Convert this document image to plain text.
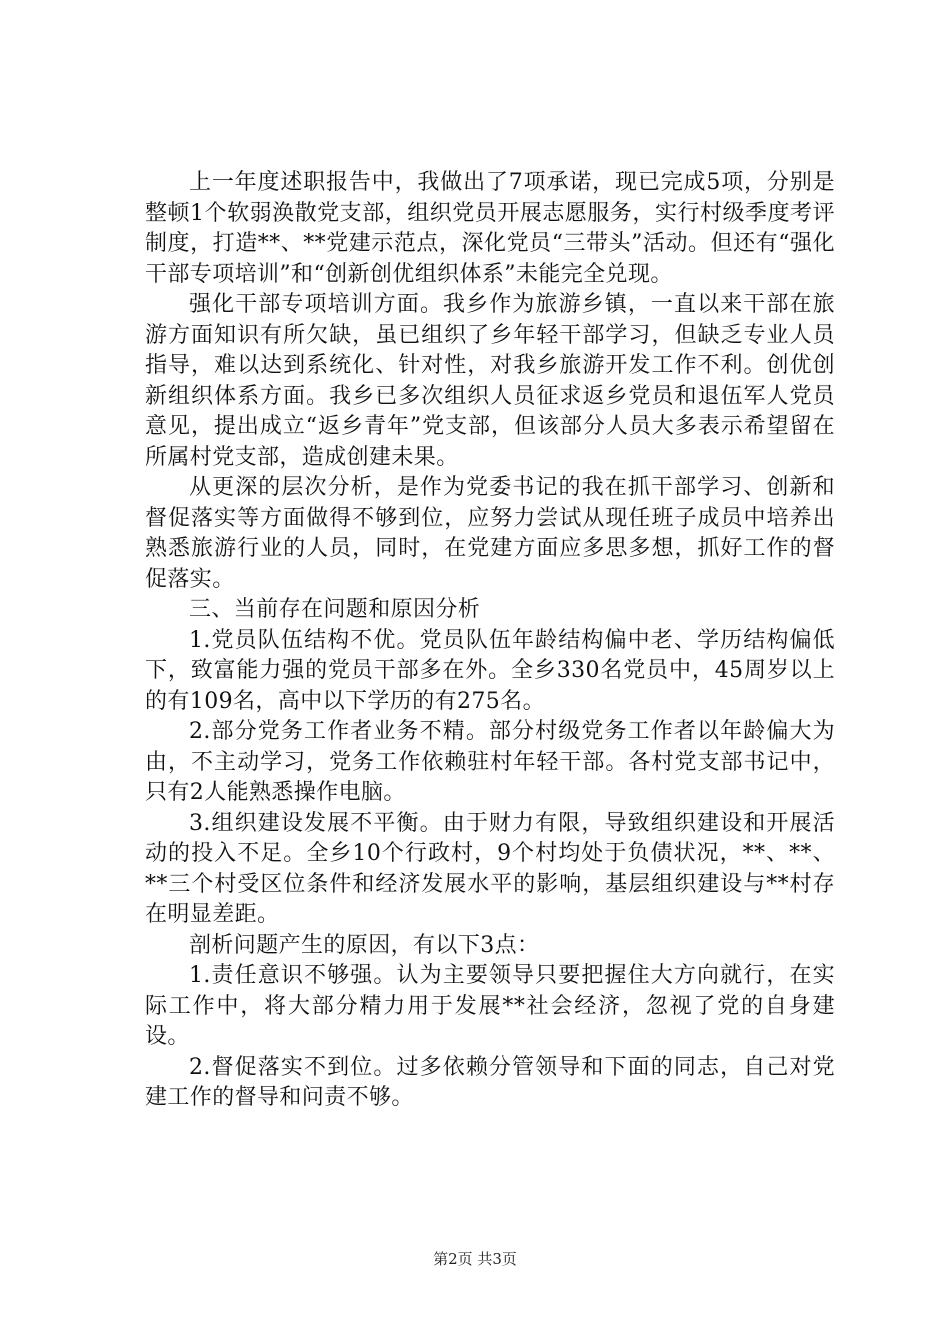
上一年度述职报告中，我做出了7项承诺，现已完成5项，分别是整顿1个软弱涣散党支部，组织党员开展志愿服务，实行村级季度考评制度，打造**、**党建示范点，深化党员“三带头”活动。但还有“强化干部专项培训”和“创新创优组织体系”未能完全兑现。

强化干部专项培训方面。我乡作为旅游乡镇，一直以来干部在旅游方面知识有所欠缺，虽已组织了乡年轻干部学习，但缺乏专业人员指导，难以达到系统化、针对性，对我乡旅游开发工作不利。创优创新组织体系方面。我乡已多次组织人员征求返乡党员和退伍军人党员意见，提出成立“返乡青年”党支部，但该部分人员大多表示希望留在所属村党支部，造成创建未果。

从更深的层次分析，是作为党委书记的我在抓干部学习、创新和督促落实等方面做得不够到位，应努力尝试从现任班子成员中培养出熟悉旅游行业的人员，同时，在党建方面应多思多想，抓好工作的督促落实。

三、当前存在问题和原因分析

1.党员队伍结构不优。党员队伍年龄结构偏中老、学历结构偏低下，致富能力强的党员干部多在外。全乡330名党员中，45周岁以上的有109名，高中以下学历的有275名。

2.部分党务工作者业务不精。部分村级党务工作者以年龄偏大为由，不主动学习，党务工作依赖驻村年轻干部。各村党支部书记中，只有2人能熟悉操作电脑。

3.组织建设发展不平衡。由于财力有限，导致组织建设和开展活动的投入不足。全乡10个行政村，9个村均处于负债状况，**、**、**三个村受区位条件和经济发展水平的影响，基层组织建设与**村存在明显差距。

剖析问题产生的原因，有以下3点：

1.责任意识不够强。认为主要领导只要把握住大方向就行，在实际工作中，将大部分精力用于发展**社会经济，忽视了党的自身建设。

2.督促落实不到位。过多依赖分管领导和下面的同志，自己对党建工作的督导和问责不够。

第2页 共3页
